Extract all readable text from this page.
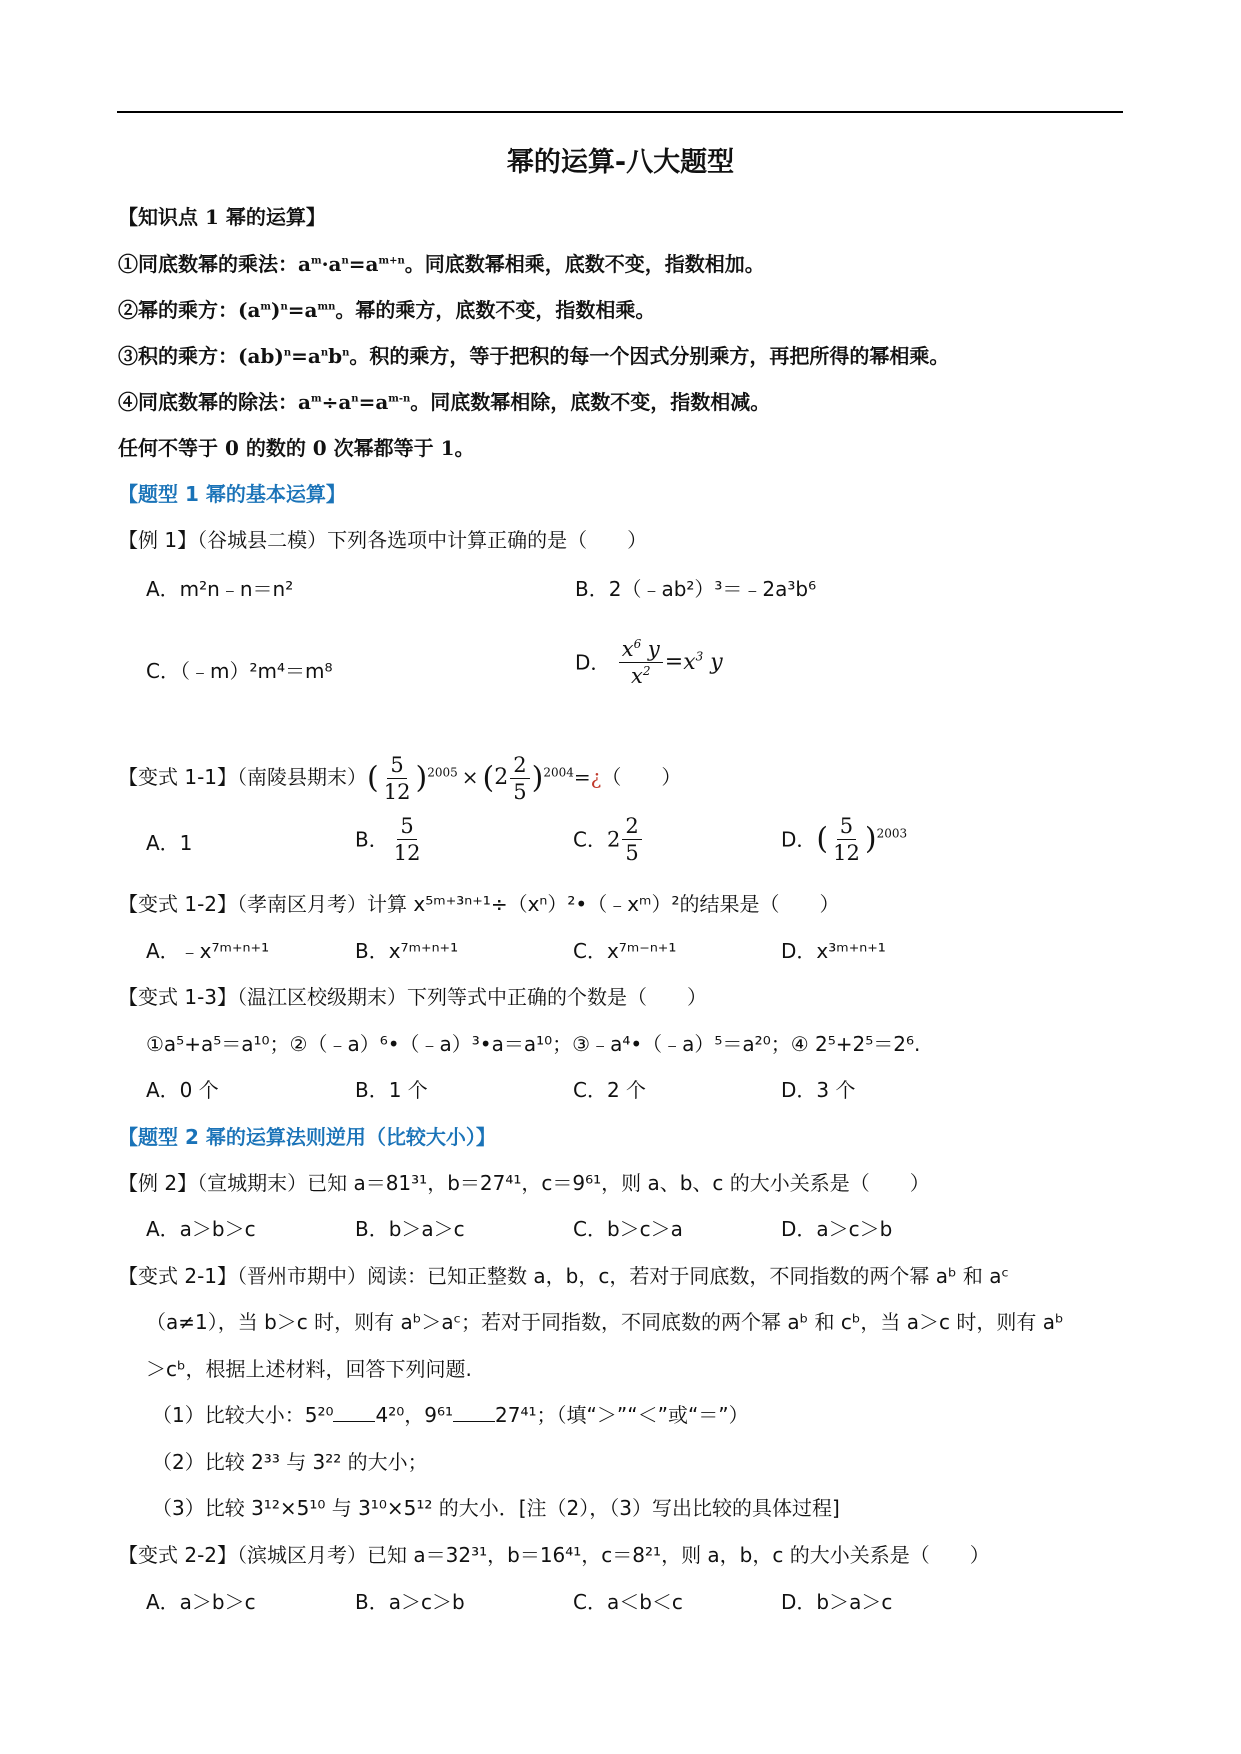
幂的运算-八大题型
【知识点 1 幂的运算】
①同底数幂的乘法：$a^m\cdot a^n=a^{m+n}$。同底数幂相乘，底数不变，指数相加。
②幂的乘方：$(a^m)^n=a^{mn}$。幂的乘方，底数不变，指数相乘。
③积的乘方：$(ab)^n=a^nb^n$。积的乘方，等于把积的每一个因式分别乘方，再把所得的幂相乘。
④同底数幂的除法：$a^m\div a^n=a^{m-n}$。同底数幂相除，底数不变，指数相减。
任何不等于 0 的数的 0 次幂都等于 1。
【题型 1 幂的基本运算】
【例 1】（谷城县二模）下列各选项中计算正确的是（　　）
A．m²n﹣n＝n²	B．2（﹣ab²）³＝﹣2a³b⁶
C．（﹣m）²m⁴＝m⁸	D． $\frac{x^6 y}{x^2} =x^3$ y
【变式 1-1】（南陵县期末）( $\frac{5}{12} )^{2005} \times (2 \frac{2}{5}$ )$^{2004}$=¿（　　）
A．1	B． $\frac{5}{12}$	C．$2 \frac{2}{5}$	D．( $\frac{5}{12} )^{2003}$
【变式 1-2】（孝南区月考）计算 x⁵ᵐ⁺³ⁿ⁺¹÷（xⁿ）²•（﹣xᵐ）²的结果是（　　）
A．﹣x⁷ᵐ⁺ⁿ⁺¹	B．x⁷ᵐ⁺ⁿ⁺¹	C．x⁷ᵐ⁻ⁿ⁺¹	D．x³ᵐ⁺ⁿ⁺¹
【变式 1-3】（温江区校级期末）下列等式中正确的个数是（　　）
①a⁵+a⁵＝a¹⁰；②（﹣a）⁶•（﹣a）³•a＝a¹⁰；③﹣a⁴•（﹣a）⁵＝a²⁰；④ 2⁵+2⁵＝2⁶.
A．0 个	B．1 个	C．2 个	D．3 个
【题型 2 幂的运算法则逆用（比较大小）】
【例 2】（宣城期末）已知 a＝81³¹，b＝27⁴¹，c＝9⁶¹，则 a、b、c 的大小关系是（　　）
A．a＞b＞c	B．b＞a＞c	C．b＞c＞a	D．a＞c＞b
【变式 2-1】（晋州市期中）阅读：已知正整数 a，b，c，若对于同底数，不同指数的两个幂 aᵇ 和 aᶜ
（a≠1），当 b＞c 时，则有 aᵇ＞aᶜ；若对于同指数，不同底数的两个幂 aᵇ 和 cᵇ，当 a＞c 时，则有 aᵇ
＞cᵇ，根据上述材料，回答下列问题.
（1）比较大小：5²⁰ 4²⁰，9⁶¹ 27⁴¹；（填“＞”“＜”或“＝”）
（2）比较 2³³ 与 3²² 的大小；
（3）比较 3¹²×5¹⁰ 与 3¹⁰×5¹² 的大小．[注（2），（3）写出比较的具体过程]
【变式 2-2】（滨城区月考）已知 a＝32³¹，b＝16⁴¹，c＝8²¹，则 a，b，c 的大小关系是（　　）
A．a＞b＞c	B．a＞c＞b	C．a＜b＜c	D．b＞a＞c
